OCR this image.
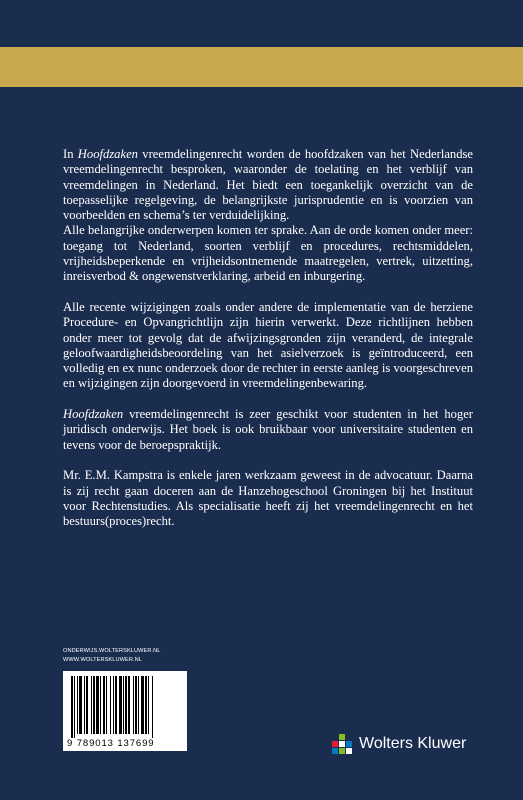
In Hoofdzaken vreemdelingenrecht worden de hoofdzaken van het Nederlandse vreemdelingenrecht besproken, waaronder de toelating en het verblijf van vreemdelingen in Nederland. Het biedt een toegankelijk overzicht van de toepasselijke regelgeving, de belangrijkste jurisprudentie en is voorzien van voorbeelden en schema’s ter verduidelijking.

Alle belangrijke onderwerpen komen ter sprake. Aan de orde komen onder meer: toegang tot Nederland, soorten verblijf en procedures, rechtsmiddelen, vrijheidsbeperkende en vrijheidsontnemende maatregelen, vertrek, uitzetting, inreisverbod & ongewenstverklaring, arbeid en inburgering.

Alle recente wijzigingen zoals onder andere de implementatie van de herziene Procedure- en Opvangrichtlijn zijn hierin verwerkt. Deze richtlijnen hebben onder meer tot gevolg dat de afwijzingsgronden zijn veranderd, de integrale geloofwaardigheidsbeoordeling van het asielverzoek is geïntroduceerd, een volledig en ex nunc onderzoek door de rechter in eerste aanleg is voorgeschreven en wijzigingen zijn doorgevoerd in vreemdelingenbewaring.

Hoofdzaken vreemdelingenrecht is zeer geschikt voor studenten in het hoger juridisch onderwijs. Het boek is ook bruikbaar voor universitaire studenten en tevens voor de beroepspraktijk.

Mr. E.M. Kampstra is enkele jaren werkzaam geweest in de advocatuur. Daarna is zij recht gaan doceren aan de Hanzehogeschool Groningen bij het Instituut voor Rechtenstudies. Als specialisatie heeft zij het vreemdelingenrecht en het bestuurs(proces)recht.

ONDERWIJS.WOLTERSKLUWER.NL
WWW.WOLTERSKLUWER.NL
9 789013 137699	Wolters Kluwer
